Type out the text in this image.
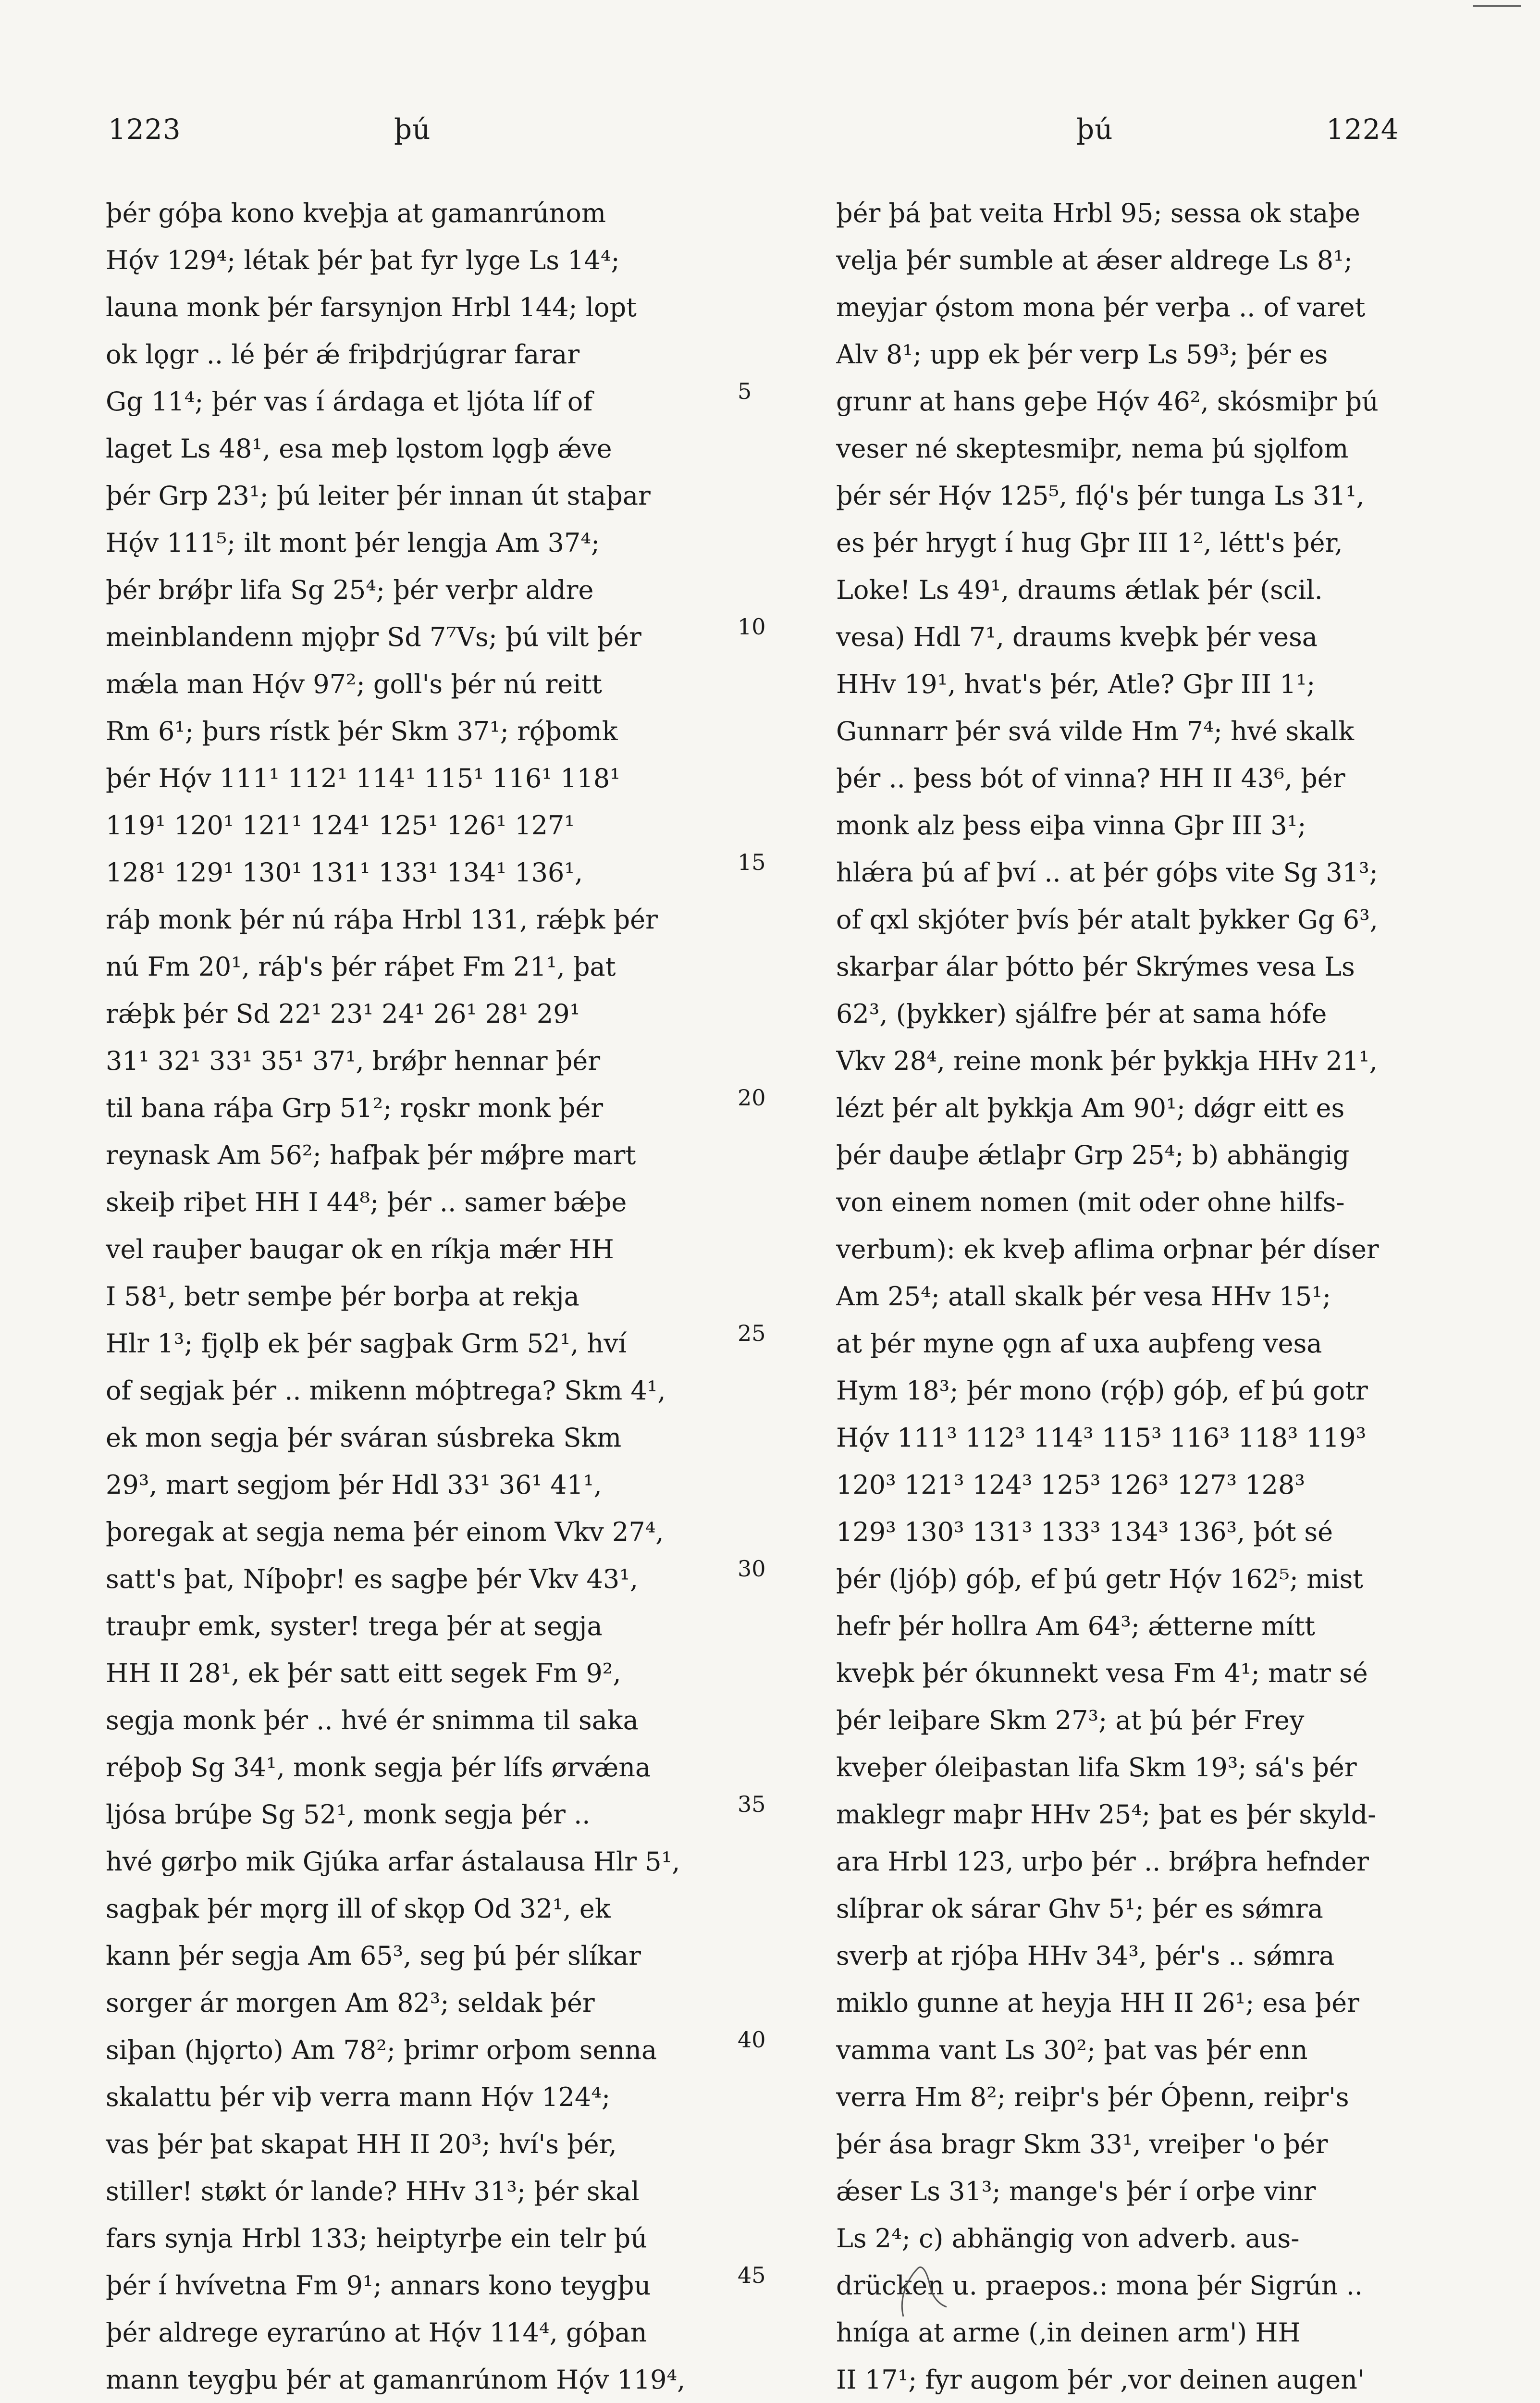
1223	þú	þú	1224
þér góþa kono kveþja at gamanrúnom
Hǫ́v 129⁴; létak þér þat fyr lyge Ls 14⁴;
launa monk þér farsynjon Hrbl 144; lopt
ok lǫgr .. lé þér ǽ friþdrjúgrar farar
Gg 11⁴; þér vas í árdaga et ljóta líf of
laget Ls 48¹, esa meþ lǫstom lǫgþ ǽve
þér Grp 23¹; þú leiter þér innan út staþar
Hǫ́v 111⁵; ilt mont þér lengja Am 37⁴;
þér brǿþr lifa Sg 25⁴; þér verþr aldre
meinblandenn mjǫþr Sd 7⁷Vs; þú vilt þér
mǽla man Hǫ́v 97²; goll's þér nú reitt
Rm 6¹; þurs rístk þér Skm 37¹; rǫ́þomk
þér Hǫ́v 111¹ 112¹ 114¹ 115¹ 116¹ 118¹
119¹ 120¹ 121¹ 124¹ 125¹ 126¹ 127¹
128¹ 129¹ 130¹ 131¹ 133¹ 134¹ 136¹,
ráþ monk þér nú ráþa Hrbl 131, rǽþk þér
nú Fm 20¹, ráþ's þér ráþet Fm 21¹, þat
rǽþk þér Sd 22¹ 23¹ 24¹ 26¹ 28¹ 29¹
31¹ 32¹ 33¹ 35¹ 37¹, brǿþr hennar þér
til bana ráþa Grp 51²; rǫskr monk þér
reynask Am 56²; hafþak þér mǿþre mart
skeiþ riþet HH I 44⁸; þér .. samer bǽþe
vel rauþer baugar ok en ríkja mǽr HH
I 58¹, betr semþe þér borþa at rekja
Hlr 1³; fjǫlþ ek þér sagþak Grm 52¹, hví
of segjak þér .. mikenn móþtrega? Skm 4¹,
ek mon segja þér sváran súsbreka Skm
29³, mart segjom þér Hdl 33¹ 36¹ 41¹,
þoregak at segja nema þér einom Vkv 27⁴,
satt's þat, Níþoþr! es sagþe þér Vkv 43¹,
trauþr emk, syster! trega þér at segja
HH II 28¹, ek þér satt eitt segek Fm 9²,
segja monk þér .. hvé ér snimma til saka
réþoþ Sg 34¹, monk segja þér lífs ørvǽna
ljósa brúþe Sg 52¹, monk segja þér ..
hvé gørþo mik Gjúka arfar ástalausa Hlr 5¹,
sagþak þér mǫrg ill of skǫp Od 32¹, ek
kann þér segja Am 65³, seg þú þér slíkar
sorger ár morgen Am 82³; seldak þér
siþan (hjǫrto) Am 78²; þrimr orþom senna
skalattu þér viþ verra mann Hǫ́v 124⁴;
vas þér þat skapat HH II 20³; hví's þér,
stiller! støkt ór lande? HHv 31³; þér skal
fars synja Hrbl 133; heiptyrþe ein telr þú
þér í hvívetna Fm 9¹; annars kono teygþu
þér aldrege eyrarúno at Hǫ́v 114⁴, góþan
mann teygþu þér at gamanrúnom Hǫ́v 119⁴,
5
10
15
20
25
30
35
40
45
þér þá þat veita Hrbl 95; sessa ok staþe
velja þér sumble at ǽser aldrege Ls 8¹;
meyjar ǫ́stom mona þér verþa .. of varet
Alv 8¹; upp ek þér verp Ls 59³; þér es
grunr at hans geþe Hǫ́v 46², skósmiþr þú
veser né skeptesmiþr, nema þú sjǫlfom
þér sér Hǫ́v 125⁵, flǫ́'s þér tunga Ls 31¹,
es þér hrygt í hug Gþr III 1², létt's þér,
Loke! Ls 49¹, draums ǽtlak þér (scil.
vesa) Hdl 7¹, draums kveþk þér vesa
HHv 19¹, hvat's þér, Atle? Gþr III 1¹;
Gunnarr þér svá vilde Hm 7⁴; hvé skalk
þér .. þess bót of vinna? HH II 43⁶, þér
monk alz þess eiþa vinna Gþr III 3¹;
hlǽra þú af því .. at þér góþs vite Sg 31³;
of qxl skjóter þvís þér atalt þykker Gg 6³,
skarþar álar þótto þér Skrýmes vesa Ls
62³, (þykker) sjálfre þér at sama hófe
Vkv 28⁴, reine monk þér þykkja HHv 21¹,
lézt þér alt þykkja Am 90¹; dǿgr eitt es
þér dauþe ǽtlaþr Grp 25⁴; b) abhängig
von einem nomen (mit oder ohne hilfs-
verbum): ek kveþ aflima orþnar þér díser
Am 25⁴; atall skalk þér vesa HHv 15¹;
at þér myne ǫgn af uxa auþfeng vesa
Hym 18³; þér mono (rǫ́þ) góþ, ef þú gotr
Hǫ́v 111³ 112³ 114³ 115³ 116³ 118³ 119³
120³ 121³ 124³ 125³ 126³ 127³ 128³
129³ 130³ 131³ 133³ 134³ 136³, þót sé
þér (ljóþ) góþ, ef þú getr Hǫ́v 162⁵; mist
hefr þér hollra Am 64³; ǽtterne mítt
kveþk þér ókunnekt vesa Fm 4¹; matr sé
þér leiþare Skm 27³; at þú þér Frey
kveþer óleiþastan lifa Skm 19³; sá's þér
maklegr maþr HHv 25⁴; þat es þér skyld-
ara Hrbl 123, urþo þér .. brǿþra hefnder
slíþrar ok sárar Ghv 5¹; þér es sǿmra
sverþ at rjóþa HHv 34³, þér's .. sǿmra
miklo gunne at heyja HH II 26¹; esa þér
vamma vant Ls 30²; þat vas þér enn
verra Hm 8²; reiþr's þér Óþenn, reiþr's
þér ása bragr Skm 33¹, vreiþer 'o þér
ǽser Ls 31³; mange's þér í orþe vinr
Ls 2⁴; c) abhängig von adverb. aus-
drücken u. praepos.: mona þér Sigrún ..
hníga at arme (‚in deinen arm') HH
II 17¹; fyr augom þér ‚vor deinen augen'
